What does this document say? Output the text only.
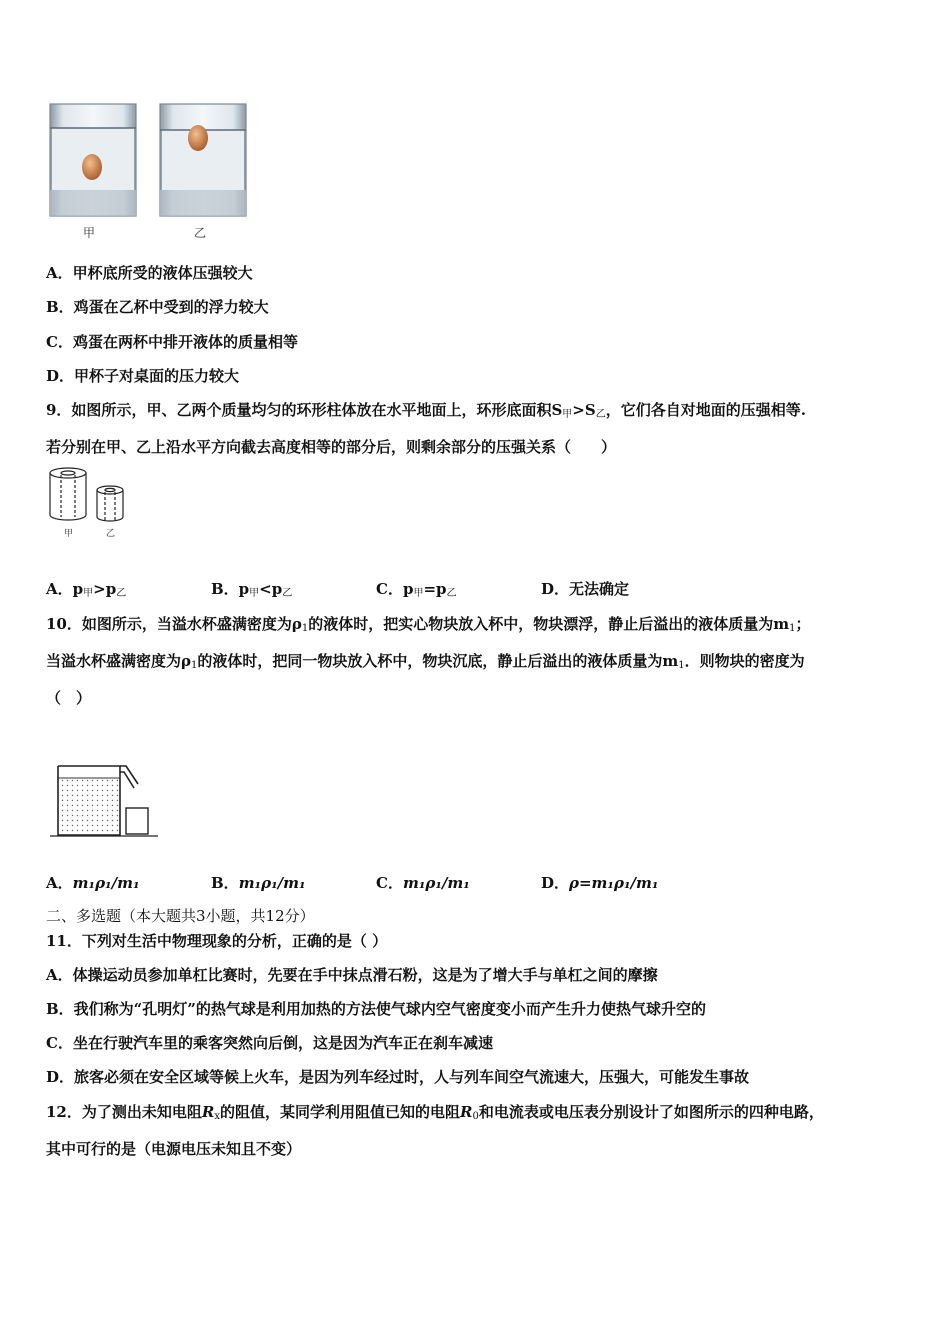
甲	乙
A．甲杯底所受的液体压强较大
B．鸡蛋在乙杯中受到的浮力较大
C．鸡蛋在两杯中排开液体的质量相等
D．甲杯子对桌面的压力较大
9．如图所示，甲、乙两个质量均匀的环形柱体放在水平地面上，环形底面积$S_甲>S_乙$，它们各自对地面的压强相等.
若分别在甲、乙上沿水平方向截去高度相等的部分后，则剩余部分的压强关系（　　）
甲	乙
A．$p_甲>p_乙$	B．$p_甲<p_乙$	C．$p_甲=p_乙$	D．无法确定
10．如图所示，当溢水杯盛满密度为$\rho_1$的液体时，把实心物块放入杯中，物块漂浮，静止后溢出的液体质量为$m_1$；
当溢水杯盛满密度为$\rho_1$的液体时，把同一物块放入杯中，物块沉底，静止后溢出的液体质量为$m_1$．则物块的密度为
（　）
A．m₁ρ₁/m₁	B．m₁ρ₁/m₁	C．m₁ρ₁/m₁	D．ρ=m₁ρ₁/m₁
二、多选题（本大题共3小题，共12分）
11．下列对生活中物理现象的分析，正确的是（ ）
A．体操运动员参加单杠比赛时，先要在手中抹点滑石粉，这是为了增大手与单杠之间的摩擦
B．我们称为“孔明灯”的热气球是利用加热的方法使气球内空气密度变小而产生升力使热气球升空的
C．坐在行驶汽车里的乘客突然向后倒，这是因为汽车正在刹车减速
D．旅客必须在安全区域等候上火车，是因为列车经过时，人与列车间空气流速大，压强大，可能发生事故
12．为了测出未知电阻$R_x$的阻值，某同学利用阻值已知的电阻$R_0$和电流表或电压表分别设计了如图所示的四种电路，
其中可行的是（电源电压未知且不变）
